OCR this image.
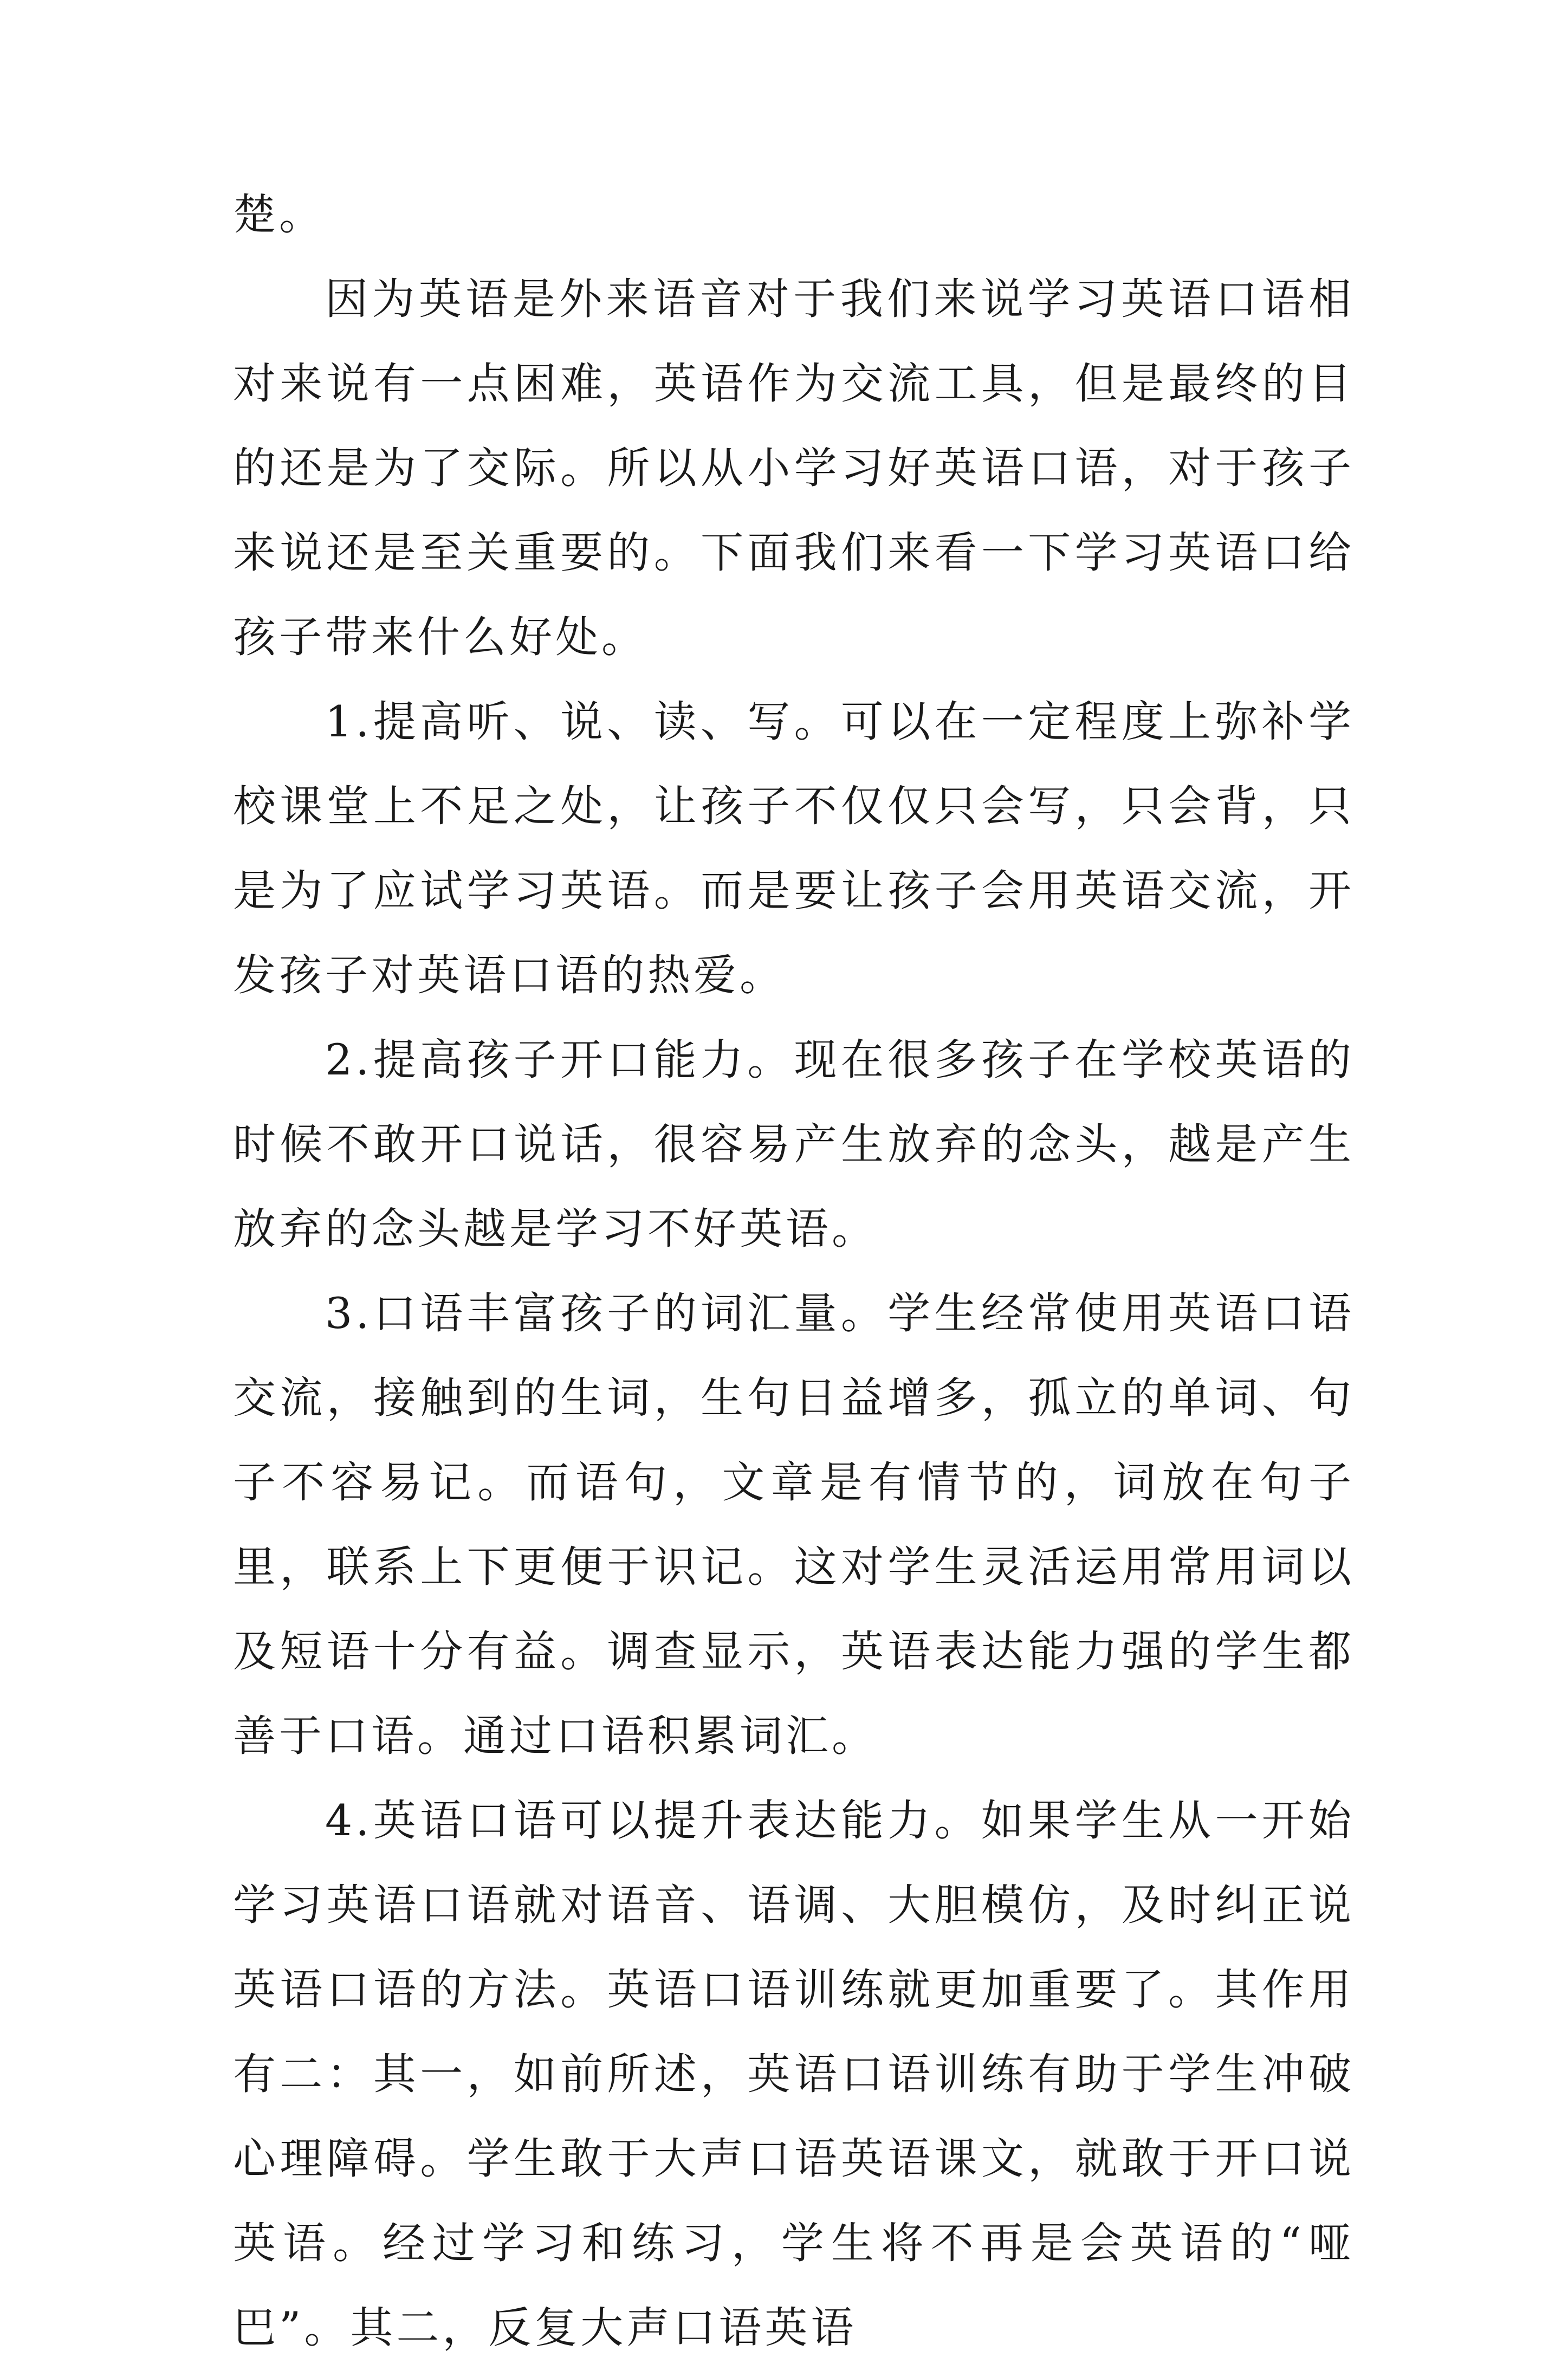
楚。

因为英语是外来语音对于我们来说学习英语口语相对来说有一点困难，英语作为交流工具，但是最终的目的还是为了交际。所以从小学习好英语口语，对于孩子来说还是至关重要的。下面我们来看一下学习英语口给孩子带来什么好处。

1.提高听、说、读、写。可以在一定程度上弥补学校课堂上不足之处，让孩子不仅仅只会写，只会背，只是为了应试学习英语。而是要让孩子会用英语交流，开发孩子对英语口语的热爱。

2.提高孩子开口能力。现在很多孩子在学校英语的时候不敢开口说话，很容易产生放弃的念头，越是产生放弃的念头越是学习不好英语。

3.口语丰富孩子的词汇量。学生经常使用英语口语交流，接触到的生词，生句日益增多，孤立的单词、句子不容易记。而语句，文章是有情节的，词放在句子里，联系上下更便于识记。这对学生灵活运用常用词以及短语十分有益。调查显示，英语表达能力强的学生都善于口语。通过口语积累词汇。

4.英语口语可以提升表达能力。如果学生从一开始学习英语口语就对语音、语调、大胆模仿，及时纠正说英语口语的方法。英语口语训练就更加重要了。其作用有二：其一，如前所述，英语口语训练有助于学生冲破心理障碍。学生敢于大声口语英语课文，就敢于开口说英语。经过学习和练习，学生将不再是会英语的“哑巴”。其二，反复大声口语英语
